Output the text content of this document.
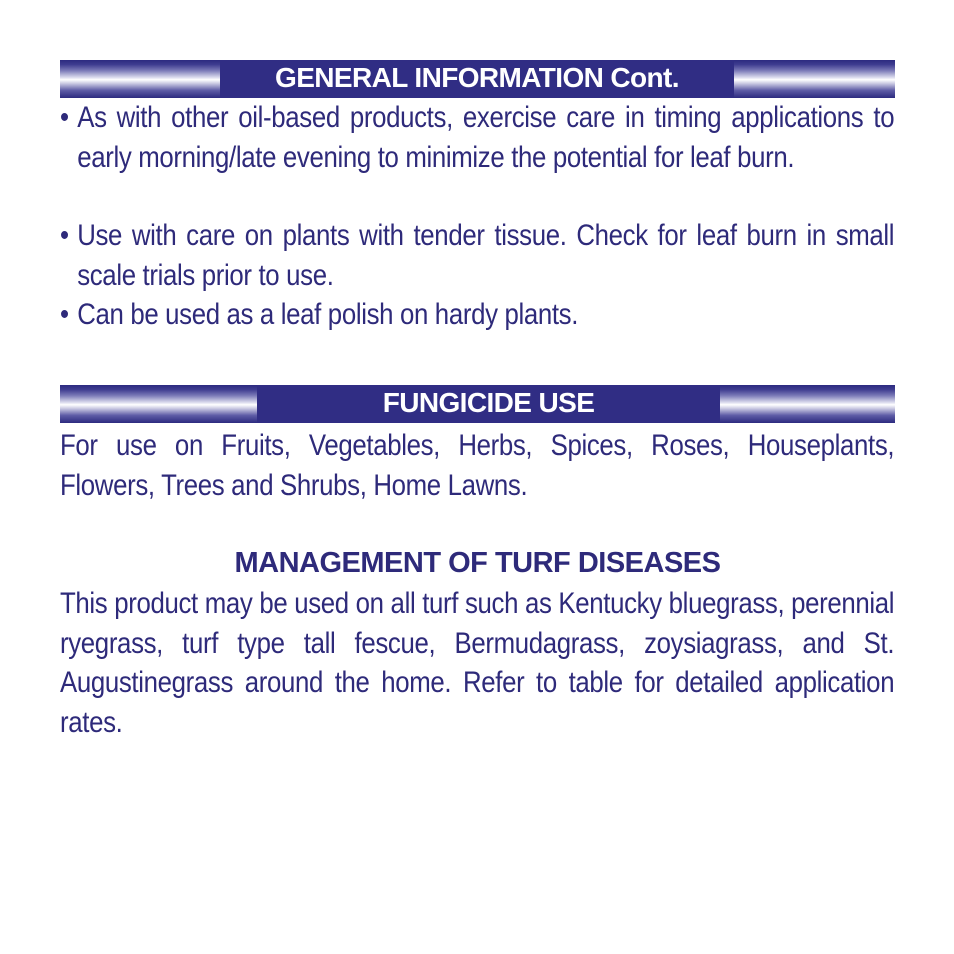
GENERAL INFORMATION Cont.
• As with other oil-based products, exercise care in timing applications to early morning/late evening to minimize the potential for leaf burn.
• Use with care on plants with tender tissue. Check for leaf burn in small scale trials prior to use.
• Can be used as a leaf polish on hardy plants.
FUNGICIDE USE
For use on Fruits, Vegetables, Herbs, Spices, Roses, Houseplants, Flowers, Trees and Shrubs, Home Lawns.
MANAGEMENT OF TURF DISEASES
This product may be used on all turf such as Kentucky bluegrass, perennial ryegrass, turf type tall fescue, Bermudagrass, zoysiagrass, and St. Augustinegrass around the home. Refer to table for detailed application rates.
